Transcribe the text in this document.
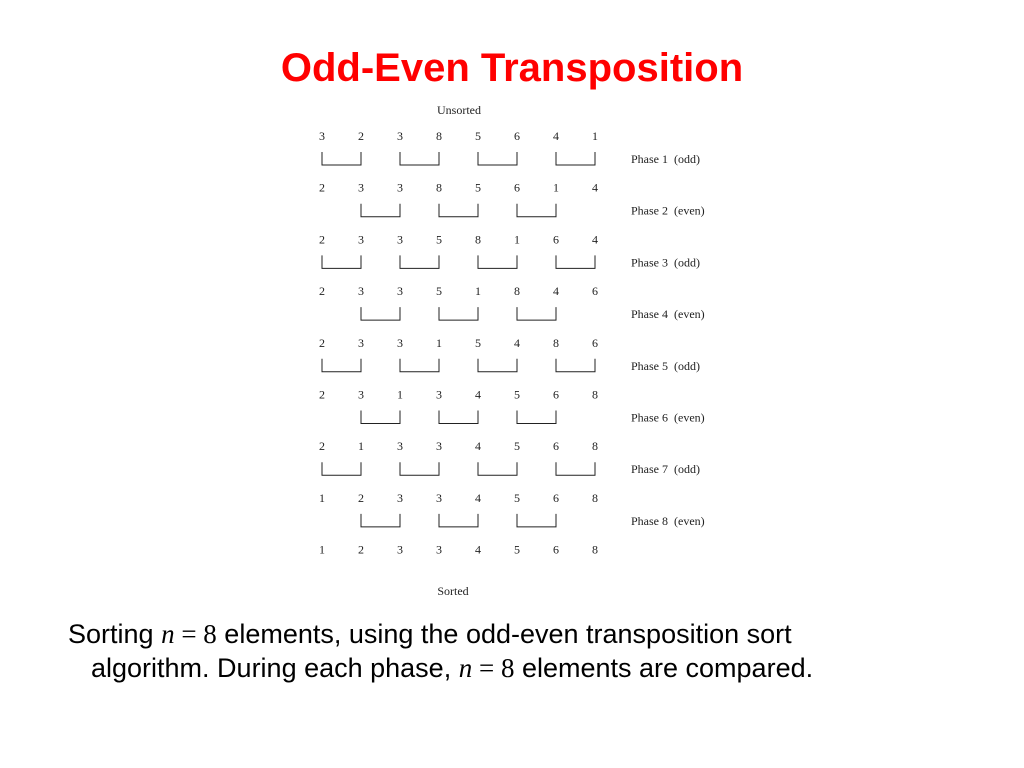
Odd-Even Transposition
Unsorted
3	2	3	8	5	6	4	1
2	3	3	8	5	6	1	4
2	3	3	5	8	1	6	4
2	3	3	5	1	8	4	6
2	3	3	1	5	4	8	6
2	3	1	3	4	5	6	8
2	1	3	3	4	5	6	8
1	2	3	3	4	5	6	8
1	2	3	3	4	5	6	8
Phase 1  (odd)
Phase 2  (even)
Phase 3  (odd)
Phase 4  (even)
Phase 5  (odd)
Phase 6  (even)
Phase 7  (odd)
Phase 8  (even)
Sorted
Sorting n = 8 elements, using the odd-even transposition sort
algorithm. During each phase, n = 8 elements are compared.
